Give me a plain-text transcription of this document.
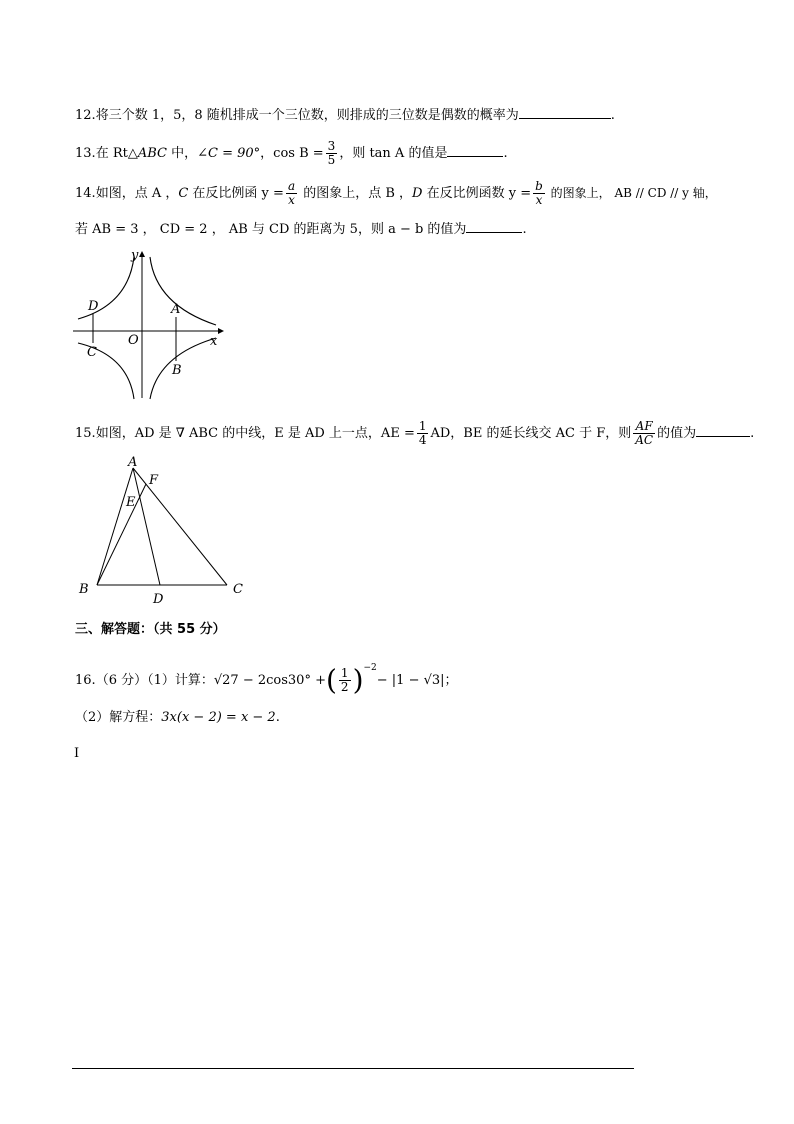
12.将三个数 1，5，8 随机排成一个三位数，则排成的三位数是偶数的概率为	.
13.在 Rt△ABC 中，∠C = 90°，$\cos B = \frac{3}{5}$ ，则 tan A 的值是	.
14.如图，点 A ，C 在反比例函 $y = \frac{a}{x}$ 的图象上，点 B ，D 在反比例函数 $y = \frac{b}{x}$ 的图象上， AB // CD // y 轴，
若 AB = 3 ， CD = 2 ， AB 与 CD 的距离为 5，则 a − b 的值为	.
y
x
O
A
B
C
D
15.如图，AD 是 ∇ ABC 的中线，E 是 AD 上一点，AE = $\frac{1}{4}$ AD，BE 的延长线交 AC 于 F，则 $\frac{AF}{AC}$ 的值为	.
A
B	C
D
E
F
三、解答题：（共 55 分）
16.（6 分）（1）计算：√27 − 2cos30° +( $\frac{1}{2} )^{-2}- |1 - √3|$；
（2）解方程：3x(x − 2) = x − 2.
I
